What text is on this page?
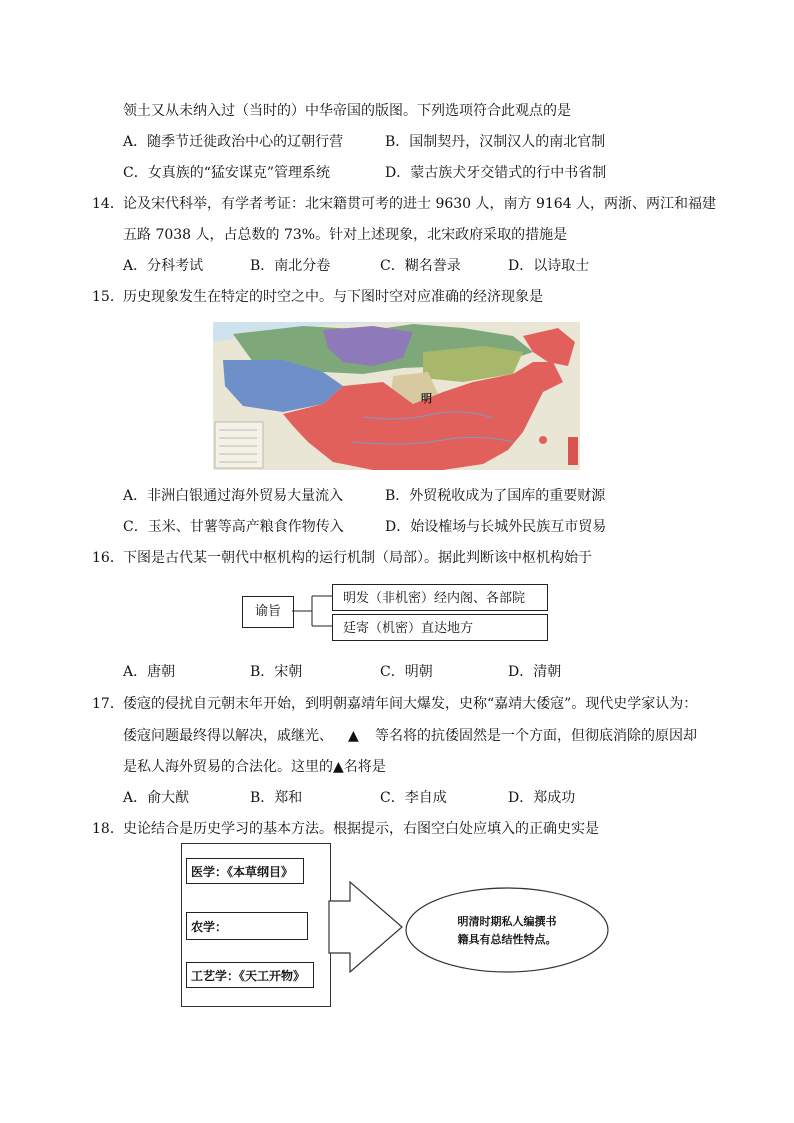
领土又从未纳入过（当时的）中华帝国的版图。下列选项符合此观点的是
A．随季节迁徙政治中心的辽朝行营	B．国制契丹，汉制汉人的南北官制
C．女真族的“猛安谋克”管理系统	D．蒙古族犬牙交错式的行中书省制
14． 论及宋代科举，有学者考证：北宋籍贯可考的进士 9630 人，南方 9164 人，两浙、两江和福建
五路 7038 人，占总数的 73%。针对上述现象，北宋政府采取的措施是
A．分科考试	B．南北分卷	C．糊名誊录	D．以诗取士
15． 历史现象发生在特定的时空之中。与下图时空对应准确的经济现象是
明
A．非洲白银通过海外贸易大量流入	B．外贸税收成为了国库的重要财源
C．玉米、甘薯等高产粮食作物传入	D．始设榷场与长城外民族互市贸易
16． 下图是古代某一朝代中枢机构的运行机制（局部）。据此判断该中枢机构始于
谕旨
明发（非机密）经内阁、各部院
廷寄（机密）直达地方
A．唐朝	B．宋朝	C．明朝	D．清朝
17． 倭寇的侵扰自元朝末年开始，到明朝嘉靖年间大爆发，史称“嘉靖大倭寇”。现代史学家认为：
倭寇问题最终得以解决，戚继光、 ▲ 等名将的抗倭固然是一个方面，但彻底消除的原因却
是私人海外贸易的合法化。这里的▲名将是
A．俞大猷	B．郑和	C．李自成	D．郑成功
18． 史论结合是历史学习的基本方法。根据提示，右图空白处应填入的正确史实是
医学：《本草纲目》
农学：
工艺学：《天工开物》
明清时期私人编撰书
籍具有总结性特点。
